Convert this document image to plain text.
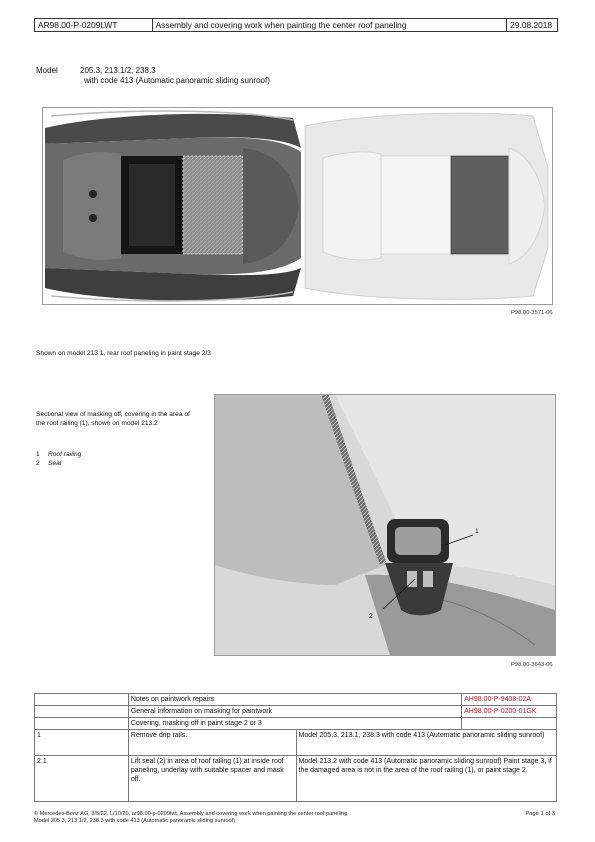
AR98.00-P-0209LWT	Assembly and covering work when painting the center roof paneling	29.08.2018
Model	205.3, 213.1/2, 238.3
with code 413 (Automatic panoramic sliding sunroof)
P98.00-3571-06
Shown on model 213.1, rear roof paneling in paint stage 2/3
Sectional view of masking off, covering in the area of the roof railing (1), shown on model 213.2
1 Roof railing
2 Seal
1
2
P98.00-3643-06
	Notes on paintwork repairs		AH98.00-P-9408-02A
	General information on masking for paintwork		AH98.00-P-0200-01GK
	Covering, masking off in paint stage 2 or 3		
1	Remove drip rails.	Model 205.3, 213.1, 238.3 with code 413 (Automatic panoramic sliding sunroof)	
2.1	Lift seal (2) in area of roof railing (1) at inside roof paneling, underlay with suitable spacer and mask off.	Model 213.2 with code 413 (Automatic panoramic sliding sunroof) Paint stage 3, if the damaged area is not in the area of the roof railing (1), or paint stage 2.	
© Mercedes-Benz AG, 3/5/22, L/10/20, ar98.00-p-0209lwt, Assembly and covering work when painting the center roof paneling
Model 205.3, 213.1/2, 238.3 with code 413 (Automatic panoramic sliding sunroof)
Page 1 of 3
